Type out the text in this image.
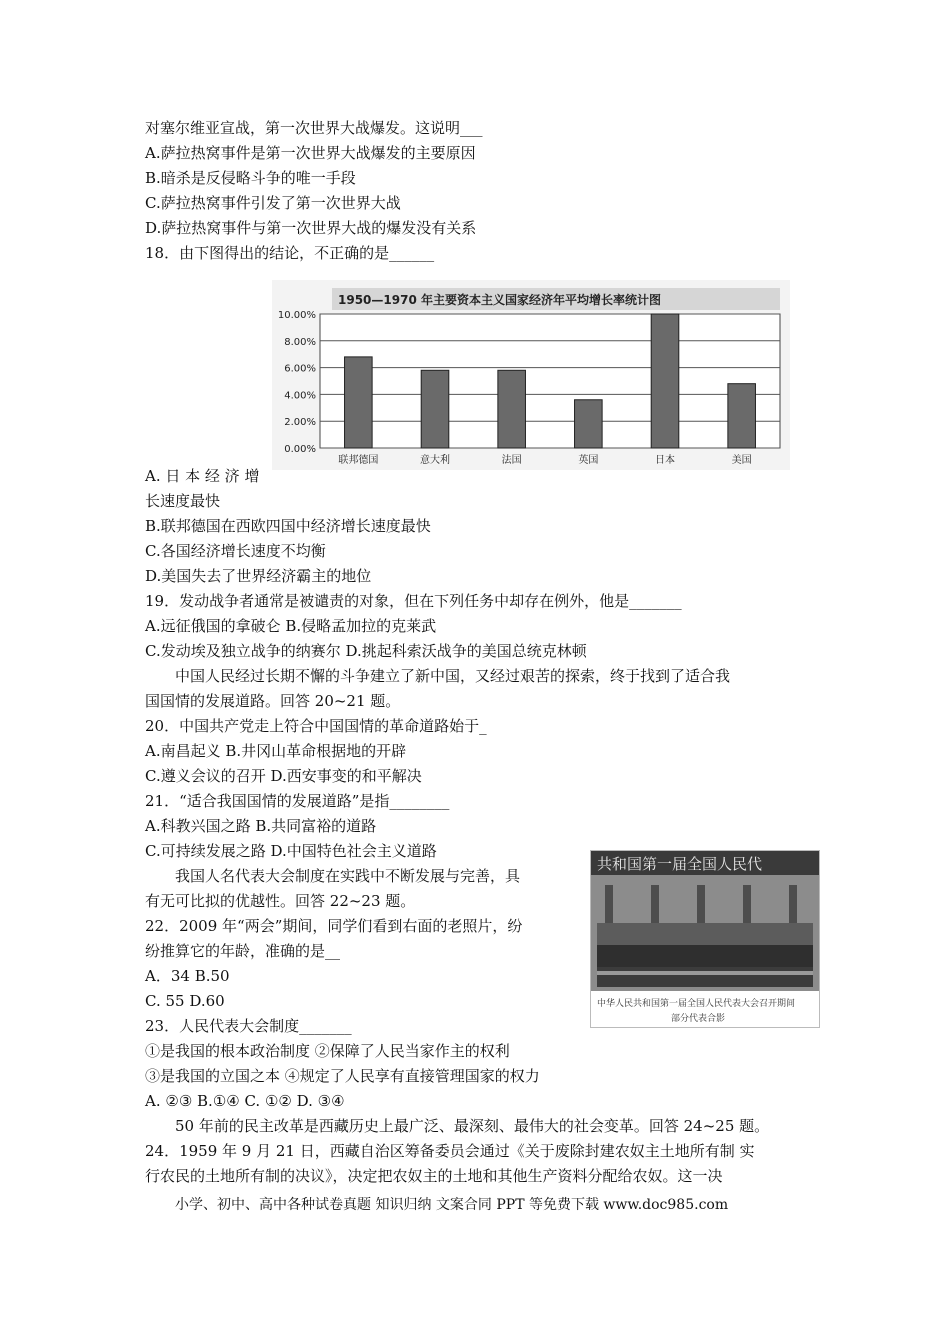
对塞尔维亚宣战，第一次世界大战爆发。这说明___
A.萨拉热窝事件是第一次世界大战爆发的主要原因
B.暗杀是反侵略斗争的唯一手段
C.萨拉热窝事件引发了第一次世界大战
D.萨拉热窝事件与第一次世界大战的爆发没有关系
18．由下图得出的结论，不正确的是______
1950—1970 年主要资本主义国家经济年平均增长率统计图
0.00%
2.00%
4.00%
6.00%
8.00%
10.00%
联邦德国	意大利	法国	英国	日本	美国
A. 日 本 经 济 增
长速度最快
B.联邦德国在西欧四国中经济增长速度最快
C.各国经济增长速度不均衡
D.美国失去了世界经济霸主的地位
19．发动战争者通常是被谴责的对象，但在下列任务中却存在例外，他是_______
A.远征俄国的拿破仑 B.侵略孟加拉的克莱武
C.发动埃及独立战争的纳赛尔 D.挑起科索沃战争的美国总统克林顿
中国人民经过长期不懈的斗争建立了新中国，又经过艰苦的探索，终于找到了适合我
国国情的发展道路。回答 20~21 题。
20．中国共产党走上符合中国国情的革命道路始于_
A.南昌起义 B.井冈山革命根据地的开辟
C.遵义会议的召开 D.西安事变的和平解决
21．“适合我国国情的发展道路”是指________
A.科教兴国之路 B.共同富裕的道路
C.可持续发展之路 D.中国特色社会主义道路
我国人名代表大会制度在实践中不断发展与完善，具
有无可比拟的优越性。回答 22~23 题。
22．2009 年“两会”期间，同学们看到右面的老照片，纷
纷推算它的年龄，准确的是__
A．34 B.50
C. 55 D.60
共和国第一届全国人民代
中华人民共和国第一届全国人民代表大会召开期间
部分代表合影
23．人民代表大会制度_______
①是我国的根本政治制度 ②保障了人民当家作主的权利
③是我国的立国之本 ④规定了人民享有直接管理国家的权力
A. ②③ B.①④ C. ①② D. ③④
50 年前的民主改革是西藏历史上最广泛、最深刻、最伟大的社会变革。回答 24~25 题。
24．1959 年 9 月 21 日，西藏自治区筹备委员会通过《关于废除封建农奴主土地所有制 实
行农民的土地所有制的决议》，决定把农奴主的土地和其他生产资料分配给农奴。这一决
小学、初中、高中各种试卷真题 知识归纳 文案合同 PPT 等免费下载 www.doc985.com
